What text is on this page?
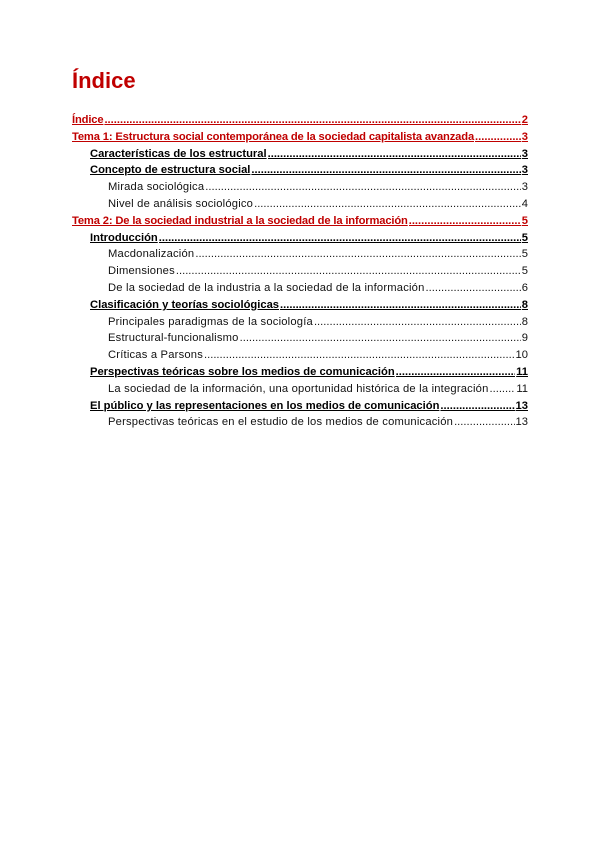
Índice
Índice .....	2
Tema 1: Estructura social contemporánea de la sociedad capitalista avanzada .....	3
Características de los estructural .....	3
Concepto de estructura social .....	3
Mirada sociológica .....	3
Nivel de análisis sociológico .....	4
Tema 2: De la sociedad industrial a la sociedad de la información .....	5
Introducción .....	5
Macdonalización .....	5
Dimensiones .....	5
De la sociedad de la industria a la sociedad de la información .....	6
Clasificación y teorías sociológicas .....	8
Principales paradigmas de la sociología .....	8
Estructural-funcionalismo .....	9
Críticas a Parsons .....	10
Perspectivas teóricas sobre los medios de comunicación .....	11
La sociedad de la información, una oportunidad histórica de la integración ..... 11
El público y las representaciones en los medios de comunicación .....	13
Perspectivas teóricas en el estudio de los medios de comunicación .....	13
